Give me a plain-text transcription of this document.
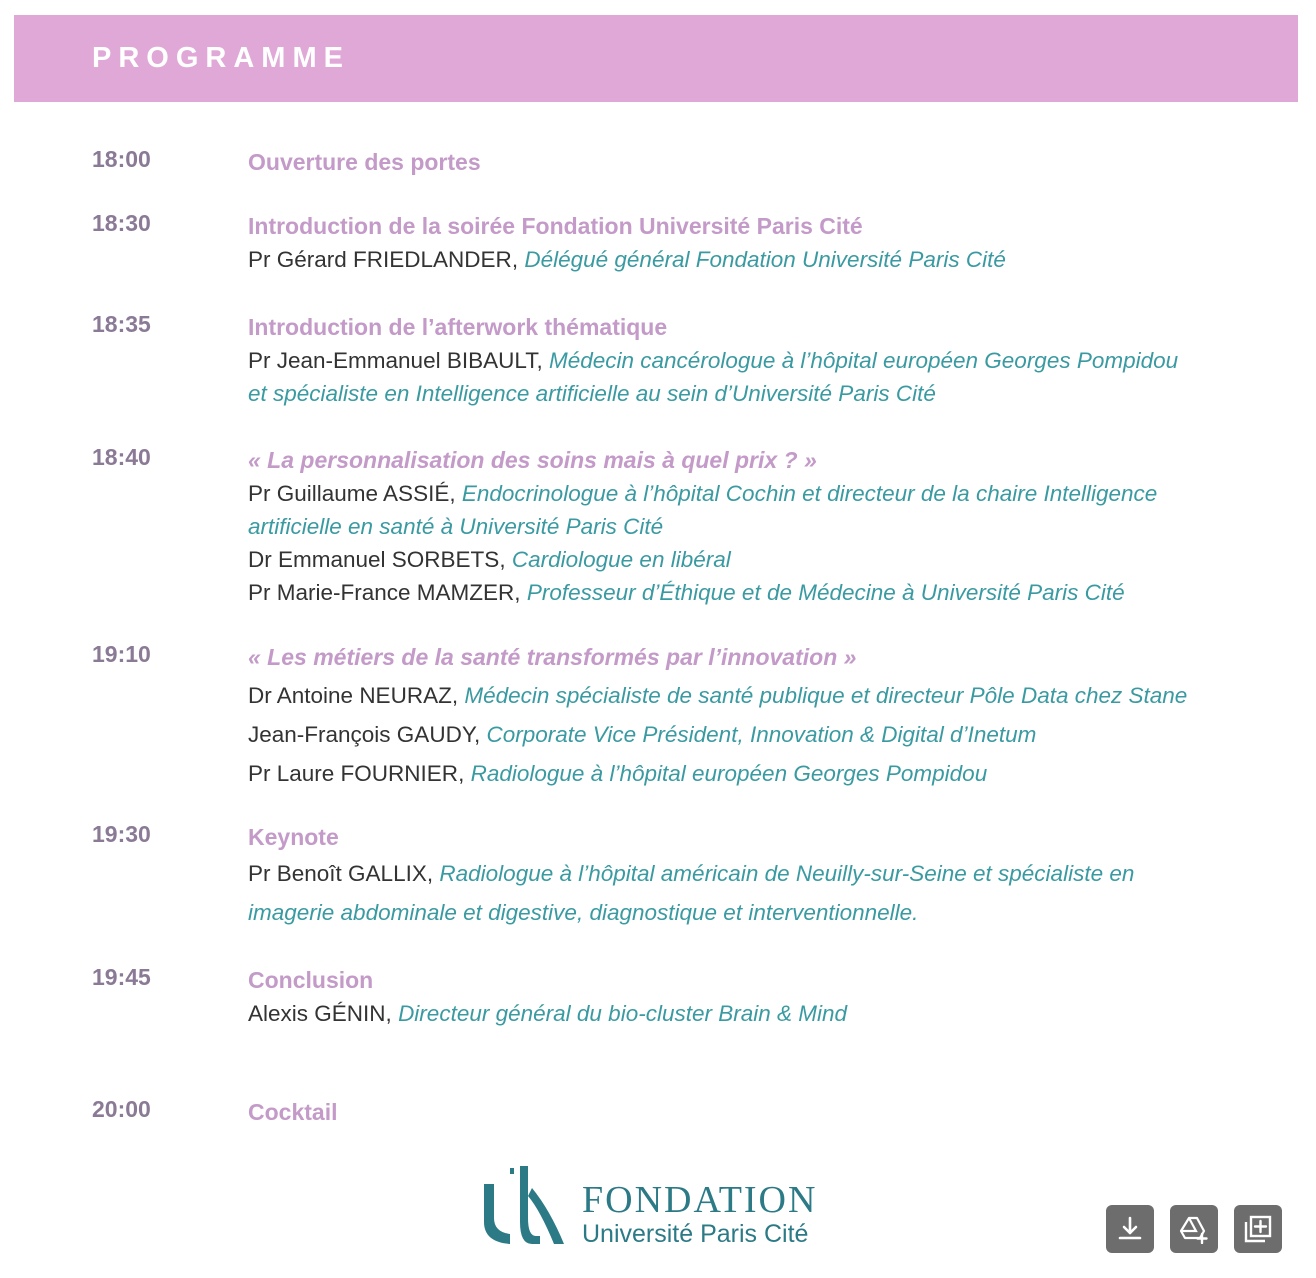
PROGRAMME
18:00	Ouverture des portes
18:30	Introduction de la soirée Fondation Université Paris Cité
Pr Gérard FRIEDLANDER, Délégué général Fondation Université Paris Cité
18:35	Introduction de l’afterwork thématique
Pr Jean-Emmanuel BIBAULT, Médecin cancérologue à l’hôpital européen Georges Pompidou
et spécialiste en Intelligence artificielle au sein d’Université Paris Cité
18:40	« La personnalisation des soins mais à quel prix ? »
Pr Guillaume ASSIÉ, Endocrinologue à l’hôpital Cochin et directeur de la chaire Intelligence
artificielle en santé à Université Paris Cité
Dr Emmanuel SORBETS, Cardiologue en libéral
Pr Marie-France MAMZER, Professeur d’Éthique et de Médecine à Université Paris Cité
19:10	« Les métiers de la santé transformés par l’innovation »
Dr Antoine NEURAZ, Médecin spécialiste de santé publique et directeur Pôle Data chez Stane
Jean-François GAUDY, Corporate Vice Président, Innovation & Digital d’Inetum
Pr Laure FOURNIER, Radiologue à l’hôpital européen Georges Pompidou
19:30	Keynote
Pr Benoît GALLIX, Radiologue à l’hôpital américain de Neuilly-sur-Seine et spécialiste en
imagerie abdominale et digestive, diagnostique et interventionnelle.
19:45	Conclusion
Alexis GÉNIN, Directeur général du bio-cluster Brain & Mind
20:00	Cocktail
FONDATION
Université Paris Cité
